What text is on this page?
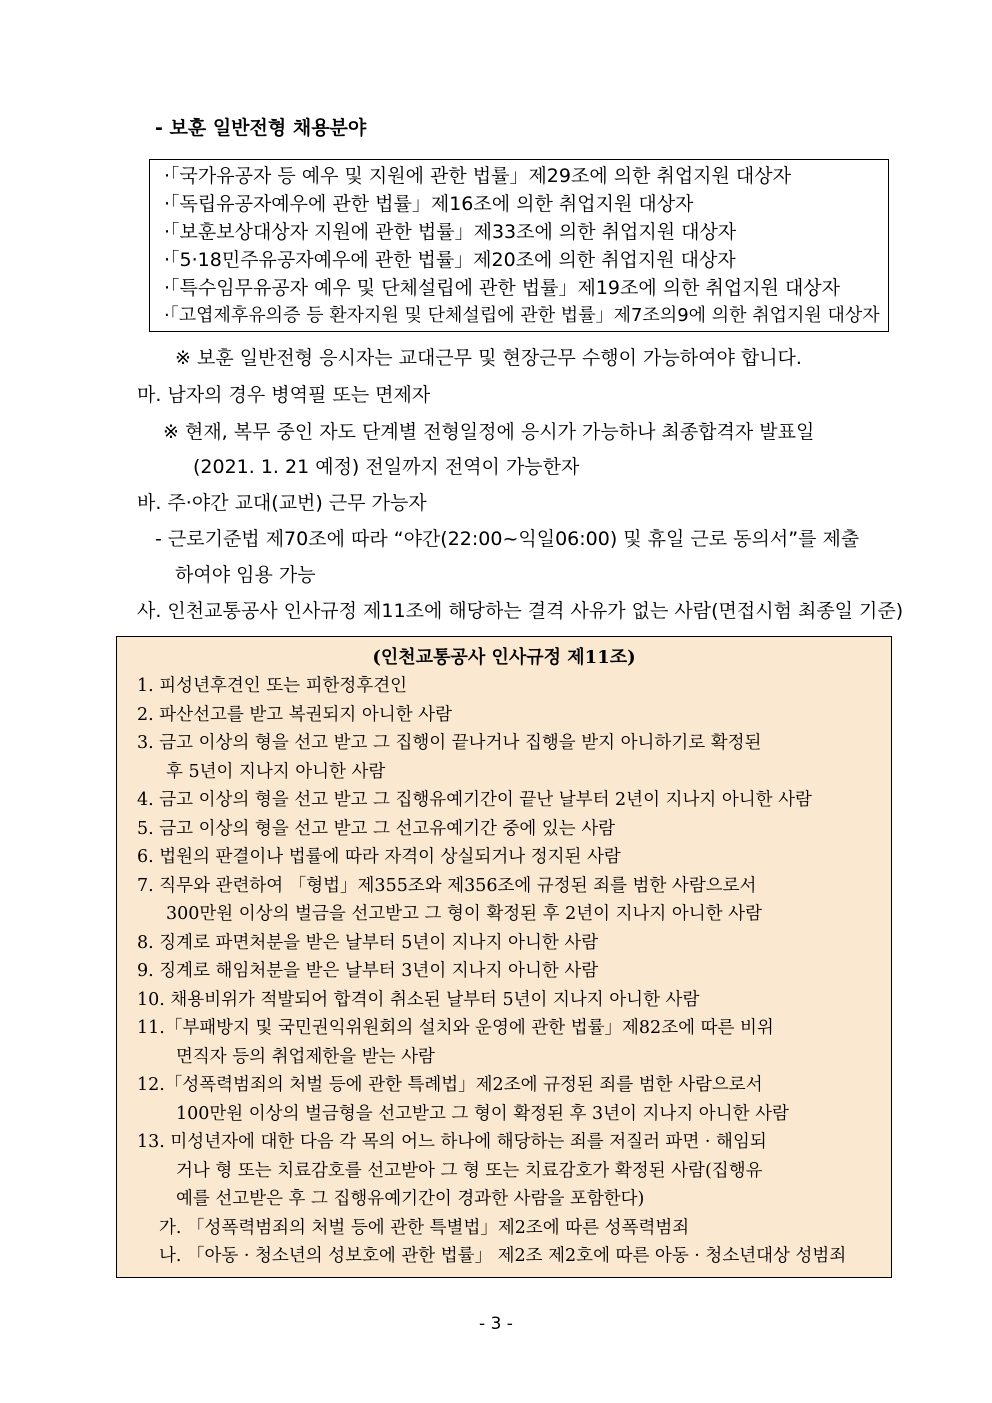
- 보훈 일반전형 채용분야
·「국가유공자 등 예우 및 지원에 관한 법률」제29조에 의한 취업지원 대상자
·「독립유공자예우에 관한 법률」제16조에 의한 취업지원 대상자
·「보훈보상대상자 지원에 관한 법률」제33조에 의한 취업지원 대상자
·「5·18민주유공자예우에 관한 법률」제20조에 의한 취업지원 대상자
·「특수임무유공자 예우 및 단체설립에 관한 법률」제19조에 의한 취업지원 대상자
·「고엽제후유의증 등 환자지원 및 단체설립에 관한 법률」제7조의9에 의한 취업지원 대상자
※ 보훈 일반전형 응시자는 교대근무 및 현장근무 수행이 가능하여야 합니다.
마. 남자의 경우 병역필 또는 면제자
※ 현재, 복무 중인 자도 단계별 전형일정에 응시가 가능하나 최종합격자 발표일
(2021. 1. 21 예정) 전일까지 전역이 가능한자
바. 주·야간 교대(교번) 근무 가능자
- 근로기준법 제70조에 따라 “야간(22:00~익일06:00) 및 휴일 근로 동의서”를 제출
하여야 임용 가능
사. 인천교통공사 인사규정 제11조에 해당하는 결격 사유가 없는 사람(면접시험 최종일 기준)
(인천교통공사 인사규정 제11조)
1. 피성년후견인 또는 피한정후견인
2. 파산선고를 받고 복권되지 아니한 사람
3. 금고 이상의 형을 선고 받고 그 집행이 끝나거나 집행을 받지 아니하기로 확정된
후 5년이 지나지 아니한 사람
4. 금고 이상의 형을 선고 받고 그 집행유예기간이 끝난 날부터 2년이 지나지 아니한 사람
5. 금고 이상의 형을 선고 받고 그 선고유예기간 중에 있는 사람
6. 법원의 판결이나 법률에 따라 자격이 상실되거나 정지된 사람
7. 직무와 관련하여 「형법」제355조와 제356조에 규정된 죄를 범한 사람으로서
300만원 이상의 벌금을 선고받고 그 형이 확정된 후 2년이 지나지 아니한 사람
8. 징계로 파면처분을 받은 날부터 5년이 지나지 아니한 사람
9. 징계로 해임처분을 받은 날부터 3년이 지나지 아니한 사람
10. 채용비위가 적발되어 합격이 취소된 날부터 5년이 지나지 아니한 사람
11.「부패방지 및 국민권익위원회의 설치와 운영에 관한 법률」제82조에 따른 비위
면직자 등의 취업제한을 받는 사람
12.「성폭력범죄의 처벌 등에 관한 특례법」제2조에 규정된 죄를 범한 사람으로서
100만원 이상의 벌금형을 선고받고 그 형이 확정된 후 3년이 지나지 아니한 사람
13. 미성년자에 대한 다음 각 목의 어느 하나에 해당하는 죄를 저질러 파면 · 해임되
거나 형 또는 치료감호를 선고받아 그 형 또는 치료감호가 확정된 사람(집행유
예를 선고받은 후 그 집행유예기간이 경과한 사람을 포함한다)
가. 「성폭력범죄의 처벌 등에 관한 특별법」제2조에 따른 성폭력범죄
나. 「아동 · 청소년의 성보호에 관한 법률」 제2조 제2호에 따른 아동 · 청소년대상 성범죄
- 3 -
